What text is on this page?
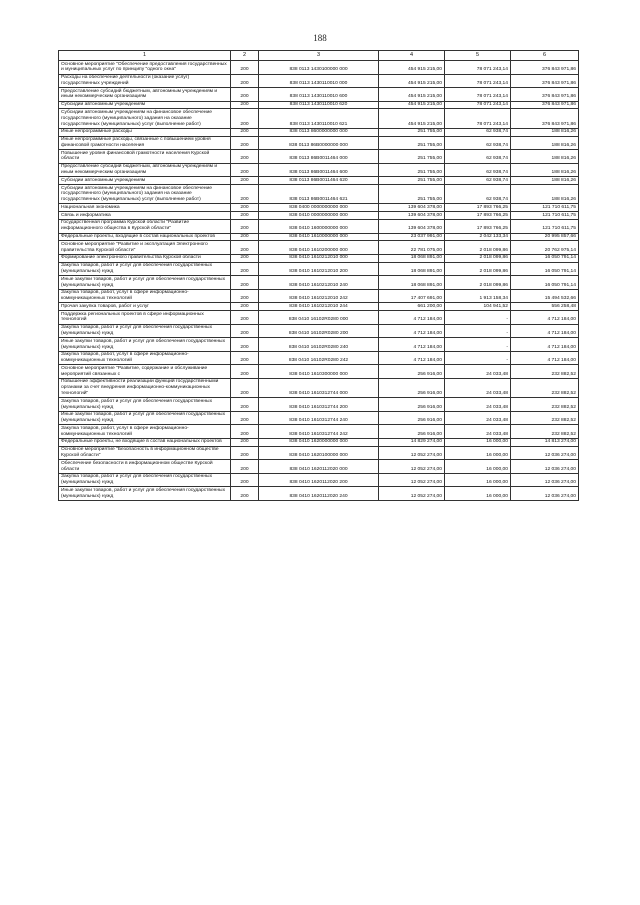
188
1	2	3	4	5	6
Основное мероприятие "Обеспечение предоставления государственных и муниципальных услуг по принципу "одного окна"	200	838 0113 1430100000 000	454 915 215,00	78 071 243,14	376 843 971,86
Расходы на обеспечение деятельности (оказание услуг) государственных учреждений	200	838 0113 1430110010 000	454 915 215,00	78 071 243,14	376 843 971,86
Предоставление субсидий бюджетным, автономным учреждениям и иным некоммерческим организациям	200	838 0113 1430110010 600	454 915 215,00	78 071 243,14	376 843 971,86
Субсидии автономным учреждениям	200	838 0113 1430110010 620	454 915 215,00	78 071 243,14	376 843 971,86
Субсидии автономным учреждениям на финансовое обеспечение государственного (муниципального) задания на оказание государственных (муниципальных) услуг (выполнение работ)	200	838 0113 1430110010 621	454 915 215,00	78 071 243,14	376 843 971,86
Иные непрограммные расходы	200	838 0113 8600000000 000	251 755,00	62 938,74	188 816,26
Иные непрограммные расходы, связанные с повышением уровня финансовой грамотности населения	200	838 0113 86B0000000 000	251 755,00	62 938,74	188 816,26
Повышение уровня финансовой грамотности населения Курской области	200	838 0113 86B0011464 000	251 755,00	62 938,74	188 816,26
Предоставление субсидий бюджетным, автономным учреждениям и иным некоммерческим организациям	200	838 0113 86B0011464 600	251 755,00	62 938,74	188 816,26
Субсидии автономным учреждениям	200	838 0113 86B0011464 620	251 755,00	62 938,74	188 816,26
Субсидии автономным учреждениям на финансовое обеспечение государственного (муниципального) задания на оказание государственных (муниципальных) услуг (выполнение работ)	200	838 0113 86B0011464 621	251 755,00	62 938,74	188 816,26
Национальная экономика	200	838 0400 0000000000 000	139 604 378,00	17 893 766,25	121 710 611,75
Связь и информатика	200	838 0410 0000000000 000	139 604 378,00	17 893 766,25	121 710 611,75
Государственная программа Курской области "Развитие информационного общества в Курской области"	200	838 0410 1600000000 000	139 604 378,00	17 893 766,25	121 710 611,75
Федеральные проекты, входящие в состав национальных проектов	200	838 0410 1610000000 000	23 037 991,00	2 042 133,34	20 995 857,66
Основное мероприятие "Развитие и эксплуатация Электронного правительства Курской области"	200	838 0410 1610200000 000	22 781 075,00	2 018 099,86	20 762 975,14
Формирование электронного правительства Курской области	200	838 0410 1610212010 000	18 068 891,00	2 018 099,86	16 050 791,14
Закупка товаров, работ и услуг для обеспечения государственных (муниципальных) нужд	200	838 0410 1610212010 200	18 068 891,00	2 018 099,86	16 050 791,14
Иные закупки товаров, работ и услуг для обеспечения государственных (муниципальных) нужд	200	838 0410 1610212010 240	18 068 891,00	2 018 099,86	16 050 791,14
Закупка товаров, работ, услуг в сфере информационно-коммуникационных технологий	200	838 0410 1610212010 242	17 407 691,00	1 913 158,34	15 494 532,66
Прочая закупка товаров, работ и услуг	200	838 0410 1610212010 244	661 200,00	104 941,52	556 258,48
Поддержка региональных проектов в сфере информационных технологий	200	838 0410 16102R0280 000	4 712 184,00	-	4 712 184,00
Закупка товаров, работ и услуг для обеспечения государственных (муниципальных) нужд	200	838 0410 16102R0280 200	4 712 184,00	-	4 712 184,00
Иные закупки товаров, работ и услуг для обеспечения государственных (муниципальных) нужд	200	838 0410 16102R0280 240	4 712 184,00	-	4 712 184,00
Закупка товаров, работ, услуг в сфере информационно-коммуникационных технологий	200	838 0410 16102R0280 242	4 712 184,00	-	4 712 184,00
Основное мероприятие "Развитие, содержание и обслуживание мероприятий связанных с	200	838 0410 1610300000 000	256 916,00	24 033,48	232 882,52
Повышение эффективности реализации функций государственными органами за счет внедрения информационно-коммуникационных технологий"	200	838 0410 1610312744 000	256 916,00	24 033,48	232 882,52
Закупка товаров, работ и услуг для обеспечения государственных (муниципальных) нужд	200	838 0410 1610312744 200	256 916,00	24 033,48	232 882,52
Иные закупки товаров, работ и услуг для обеспечения государственных (муниципальных) нужд	200	838 0410 1610312744 240	256 916,00	24 033,48	232 882,52
Закупка товаров, работ, услуг в сфере информационно-коммуникационных технологий	200	838 0410 1610312744 242	256 916,00	24 033,48	232 882,52
Федеральные проекты, не входящие в состав национальных проектов	200	838 0410 1620000000 000	14 829 274,00	16 000,00	14 813 274,00
Основное мероприятие "Безопасность в информационном обществе Курской области"	200	838 0410 1620100000 000	12 052 274,00	16 000,00	12 036 274,00
Обеспечение безопасности в информационном обществе Курской области	200	838 0410 1620112020 000	12 052 274,00	16 000,00	12 036 274,00
Закупка товаров, работ и услуг для обеспечения государственных (муниципальных) нужд	200	838 0410 1620112020 200	12 052 274,00	16 000,00	12 036 274,00
Иные закупки товаров, работ и услуг для обеспечения государственных (муниципальных) нужд	200	838 0410 1620112020 240	12 052 274,00	16 000,00	12 036 274,00
